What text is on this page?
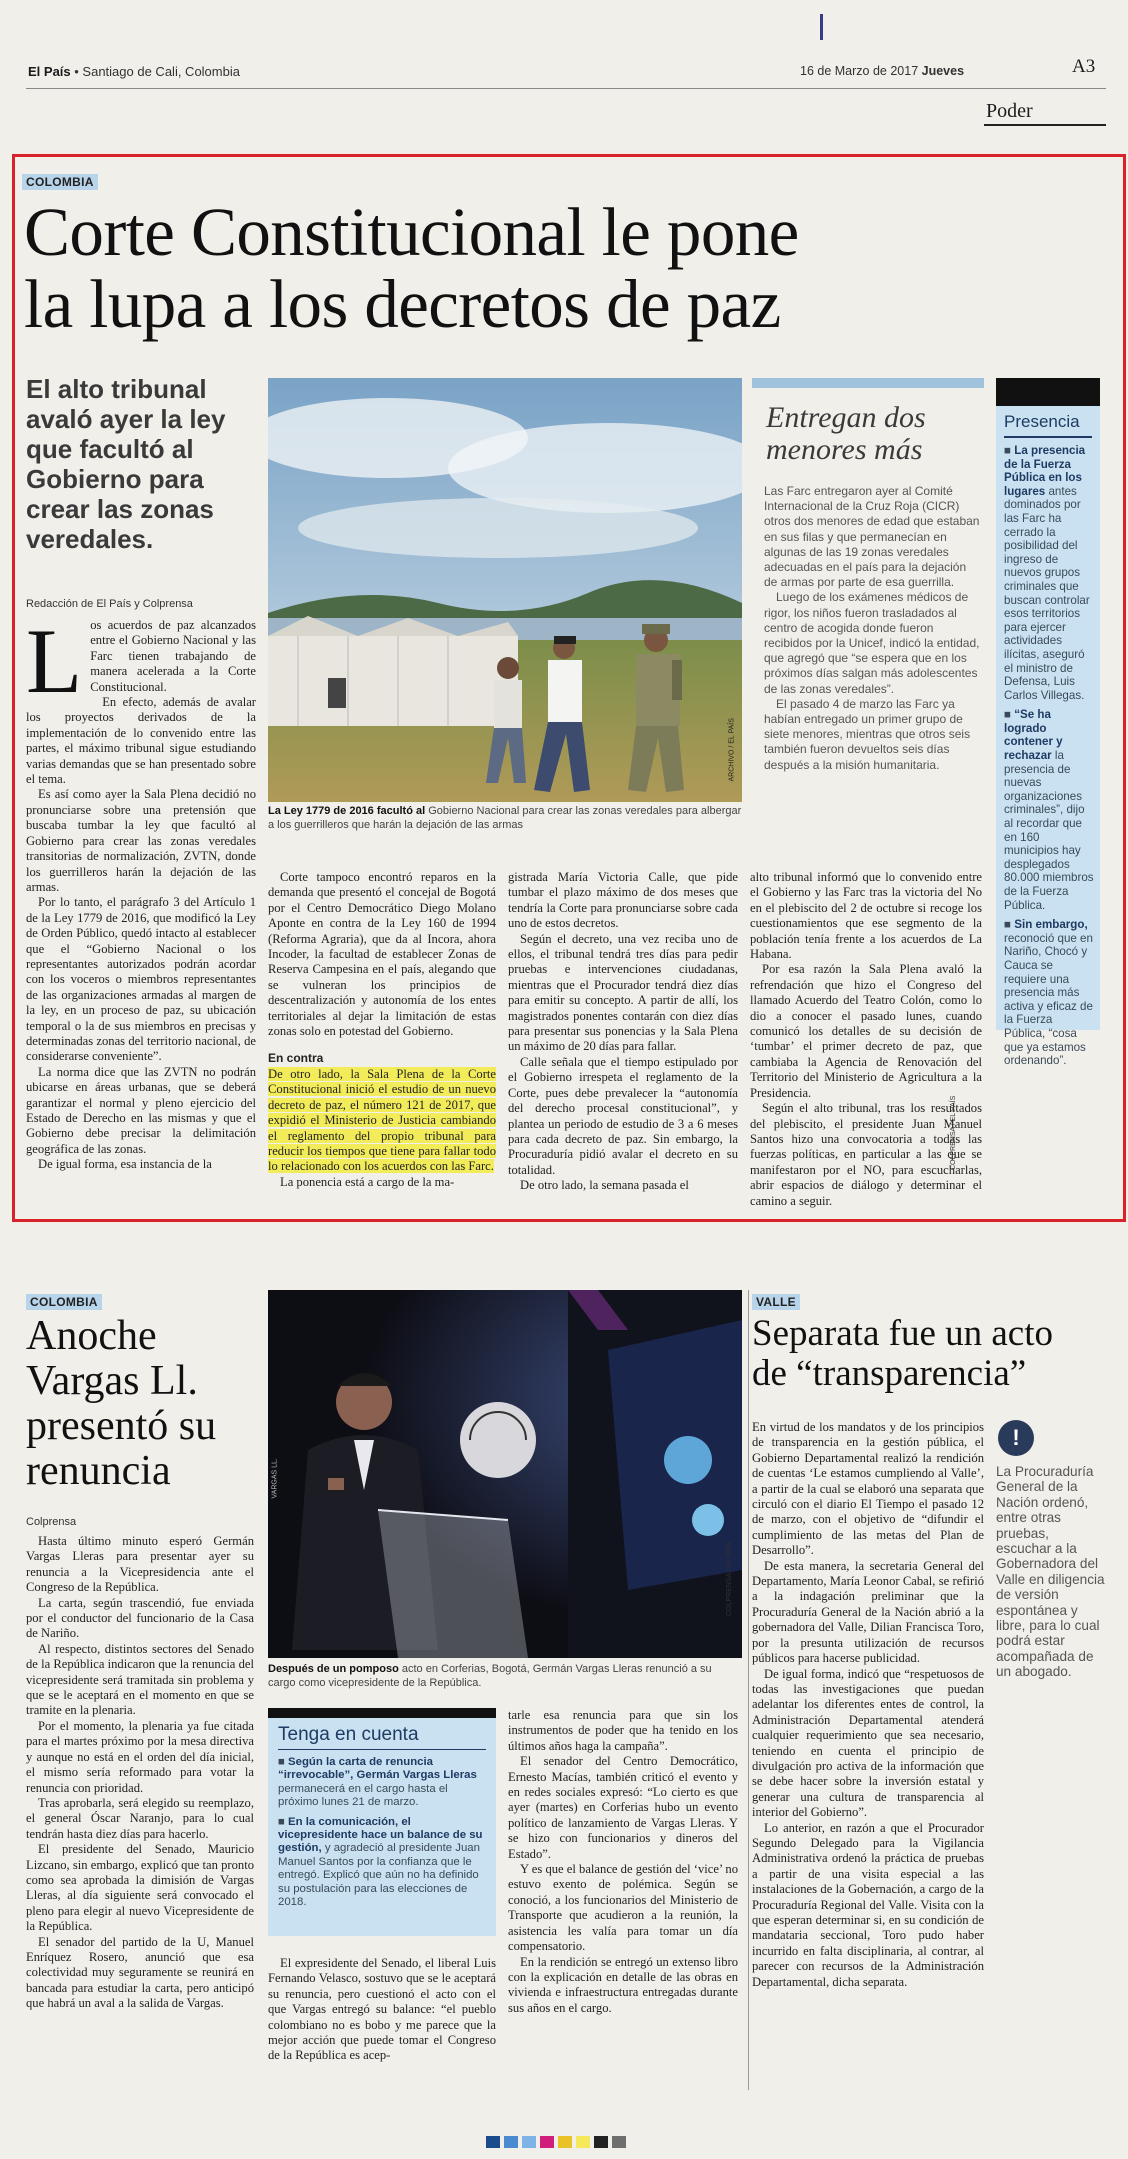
El País • Santiago de Cali, Colombia	16 de Marzo de 2017 Jueves	A3
Poder
COLOMBIA
Corte Constitucional le pone
la lupa a los decretos de paz
El alto tribunal avaló ayer la ley que facultó al Gobierno para crear las zonas veredales.
Redacción de El País y Colprensa
L os acuerdos de paz alcanzados entre el Gobierno Nacional y las Farc tienen trabajando de manera acelerada a la Corte Constitucional.

En efecto, además de avalar los proyectos derivados de la implementación de lo convenido entre las partes, el máximo tribunal sigue estudiando varias demandas que se han presentado sobre el tema.

Es así como ayer la Sala Plena decidió no pronunciarse sobre una pretensión que buscaba tumbar la ley que facultó al Gobierno para crear las zonas veredales transitorias de normalización, ZVTN, donde los guerrilleros harán la dejación de las armas.

Por lo tanto, el parágrafo 3 del Artículo 1 de la Ley 1779 de 2016, que modificó la Ley de Orden Público, quedó intacto al establecer que el “Gobierno Nacional o los representantes autorizados podrán acordar con los voceros o miembros representantes de las organizaciones armadas al margen de la ley, en un proceso de paz, su ubicación temporal o la de sus miembros en precisas y determinadas zonas del territorio nacional, de considerarse conveniente”.

La norma dice que las ZVTN no podrán ubicarse en áreas urbanas, que se deberá garantizar el normal y pleno ejercicio del Estado de Derecho en las mismas y que el Gobierno debe precisar la delimitación geográfica de las zonas.

De igual forma, esa instancia de la

ARCHIVO / EL PAÍS
La Ley 1779 de 2016 facultó al Gobierno Nacional para crear las zonas veredales para albergar a los guerrilleros que harán la dejación de las armas

Corte tampoco encontró reparos en la demanda que presentó el concejal de Bogotá por el Centro Democrático Diego Molano Aponte en contra de la Ley 160 de 1994 (Reforma Agraria), que da al Incora, ahora Incoder, la facultad de establecer Zonas de Reserva Campesina en el país, alegando que se vulneran los principios de descentralización y autonomía de los entes territoriales al dejar la limitación de estas zonas solo en potestad del Gobierno.

En contra

De otro lado, la Sala Plena de la Corte Constitucional inició el estudio de un nuevo decreto de paz, el número 121 de 2017, que expidió el Ministerio de Justicia cambiando el reglamento del propio tribunal para reducir los tiempos que tiene para fallar todo lo relacionado con los acuerdos con las Farc.

La ponencia está a cargo de la ma-

gistrada María Victoria Calle, que pide tumbar el plazo máximo de dos meses que tendría la Corte para pronunciarse sobre cada uno de estos decretos.

Según el decreto, una vez reciba uno de ellos, el tribunal tendrá tres días para pedir pruebas e intervenciones ciudadanas, mientras que el Procurador tendrá diez días para emitir su concepto. A partir de allí, los magistrados ponentes contarán con diez días para presentar sus ponencias y la Sala Plena un máximo de 20 días para fallar.

Calle señala que el tiempo estipulado por el Gobierno irrespeta el reglamento de la Corte, pues debe prevalecer la “autonomía del derecho procesal constitucional”, y plantea un periodo de estudio de 3 a 6 meses para cada decreto de paz. Sin embargo, la Procuraduría pidió avalar el decreto en su totalidad.

De otro lado, la semana pasada el

alto tribunal informó que lo convenido entre el Gobierno y las Farc tras la victoria del No en el plebiscito del 2 de octubre si recoge los cuestionamientos que ese segmento de la población tenía frente a los acuerdos de La Habana.

Por esa razón la Sala Plena avaló la refrendación que hizo el Congreso del llamado Acuerdo del Teatro Colón, como lo dio a conocer el pasado lunes, cuando comunicó los detalles de su decisión de ‘tumbar’ el primer decreto de paz, que cambiaba la Agencia de Renovación del Territorio del Ministerio de Agricultura a la Presidencia.

Según el alto tribunal, tras los resultados del plebiscito, el presidente Juan Manuel Santos hizo una convocatoria a todas las fuerzas políticas, en particular a las que se manifestaron por el NO, para escucharlas, abrir espacios de diálogo y determinar el camino a seguir.

COLPRENSA / EL PAÍS
Entregan dos
menores más

Las Farc entregaron ayer al Comité Internacional de la Cruz Roja (CICR) otros dos menores de edad que estaban en sus filas y que permanecían en algunas de las 19 zonas veredales adecuadas en el país para la dejación de armas por parte de esa guerrilla.

Luego de los exámenes médicos de rigor, los niños fueron trasladados al centro de acogida donde fueron recibidos por la Unicef, indicó la entidad, que agregó que “se espera que en los próximos días salgan más adolescentes de las zonas veredales”.

El pasado 4 de marzo las Farc ya habían entregado un primer grupo de siete menores, mientras que otros seis también fueron devueltos seis días después a la misión humanitaria.

Presencia
■ La presencia de la Fuerza Pública en los lugares antes dominados por las Farc ha cerrado la posibilidad del ingreso de nuevos grupos criminales que buscan controlar esos territorios para ejercer actividades ilícitas, aseguró el ministro de Defensa, Luis Carlos Villegas.
■ “Se ha logrado contener y rechazar la presencia de nuevas organizaciones criminales”, dijo al recordar que en 160 municipios hay desplegados 80.000 miembros de la Fuerza Pública.
■ Sin embargo, reconoció que en Nariño, Chocó y Cauca se requiere una presencia más activa y eficaz de la Fuerza Pública, “cosa que ya estamos ordenando”.
COLOMBIA
Anoche
Vargas Ll.
presentó su
renuncia
Colprensa

Hasta último minuto esperó Germán Vargas Lleras para presentar ayer su renuncia a la Vicepresidencia ante el Congreso de la República.

La carta, según trascendió, fue enviada por el conductor del funcionario de la Casa de Nariño.

Al respecto, distintos sectores del Senado de la República indicaron que la renuncia del vicepresidente será tramitada sin problema y que se le aceptará en el momento en que se tramite en la plenaria.

Por el momento, la plenaria ya fue citada para el martes próximo por la mesa directiva y aunque no está en el orden del día inicial, el mismo sería reformado para votar la renuncia con prioridad.

Tras aprobarla, será elegido su reemplazo, el general Óscar Naranjo, para lo cual tendrán hasta diez días para hacerlo.

El presidente del Senado, Mauricio Lizcano, sin embargo, explicó que tan pronto como sea aprobada la dimisión de Vargas Lleras, al día siguiente será convocado el pleno para elegir al nuevo Vicepresidente de la República.

El senador del partido de la U, Manuel Enríquez Rosero, anunció que esa colectividad muy seguramente se reunirá en bancada para estudiar la carta, pero anticipó que habrá un aval a la salida de Vargas.

VARGAS LL.
COLPRENSA / EL PAÍS
Después de un pomposo acto en Corferias, Bogotá, Germán Vargas Lleras renunció a su cargo como vicepresidente de la República.
Tenga en cuenta
■ Según la carta de renuncia “irrevocable”, Germán Vargas Lleras permanecerá en el cargo hasta el próximo lunes 21 de marzo.
■ En la comunicación, el vicepresidente hace un balance de su gestión, y agradeció al presidente Juan Manuel Santos por la confianza que le entregó. Explicó que aún no ha definido su postulación para las elecciones de 2018.

El expresidente del Senado, el liberal Luis Fernando Velasco, sostuvo que se le aceptará su renuncia, pero cuestionó el acto con el que Vargas entregó su balance: “el pueblo colombiano no es bobo y me parece que la mejor acción que puede tomar el Congreso de la República es acep-

tarle esa renuncia para que sin los instrumentos de poder que ha tenido en los últimos años haga la campaña”.

El senador del Centro Democrático, Ernesto Macías, también criticó el evento y en redes sociales expresó: “Lo cierto es que ayer (martes) en Corferias hubo un evento político de lanzamiento de Vargas Lleras. Y se hizo con funcionarios y dineros del Estado”.

Y es que el balance de gestión del ‘vice’ no estuvo exento de polémica. Según se conoció, a los funcionarios del Ministerio de Transporte que acudieron a la reunión, la asistencia les valía para tomar un día compensatorio.

En la rendición se entregó un extenso libro con la explicación en detalle de las obras en vivienda e infraestructura entregadas durante sus años en el cargo.

VALLE
Separata fue un acto
de “transparencia”

En virtud de los mandatos y de los principios de transparencia en la gestión pública, el Gobierno Departamental realizó la rendición de cuentas ‘Le estamos cumpliendo al Valle’, a partir de la cual se elaboró una separata que circuló con el diario El Tiempo el pasado 12 de marzo, con el objetivo de “difundir el cumplimiento de las metas del Plan de Desarrollo”.

De esta manera, la secretaria General del Departamento, María Leonor Cabal, se refirió a la indagación preliminar que la Procuraduría General de la Nación abrió a la gobernadora del Valle, Dilian Francisca Toro, por la presunta utilización de recursos públicos para hacerse publicidad.

De igual forma, indicó que “respetuosos de todas las investigaciones que puedan adelantar los diferentes entes de control, la Administración Departamental atenderá cualquier requerimiento que sea necesario, teniendo en cuenta el principio de divulgación pro activa de la información que se debe hacer sobre la inversión estatal y generar una cultura de transparencia al interior del Gobierno”.

Lo anterior, en razón a que el Procurador Segundo Delegado para la Vigilancia Administrativa ordenó la práctica de pruebas a partir de una visita especial a las instalaciones de la Gobernación, a cargo de la Procuraduría Regional del Valle. Visita con la que esperan determinar si, en su condición de mandataria seccional, Toro pudo haber incurrido en falta disciplinaria, al contrar, al parecer con recursos de la Administración Departamental, dicha separata.

!
La Procuraduría General de la Nación ordenó, entre otras pruebas, escuchar a la Gobernadora del Valle en diligencia de versión espontánea y libre, para lo cual podrá estar acompañada de un abogado.
